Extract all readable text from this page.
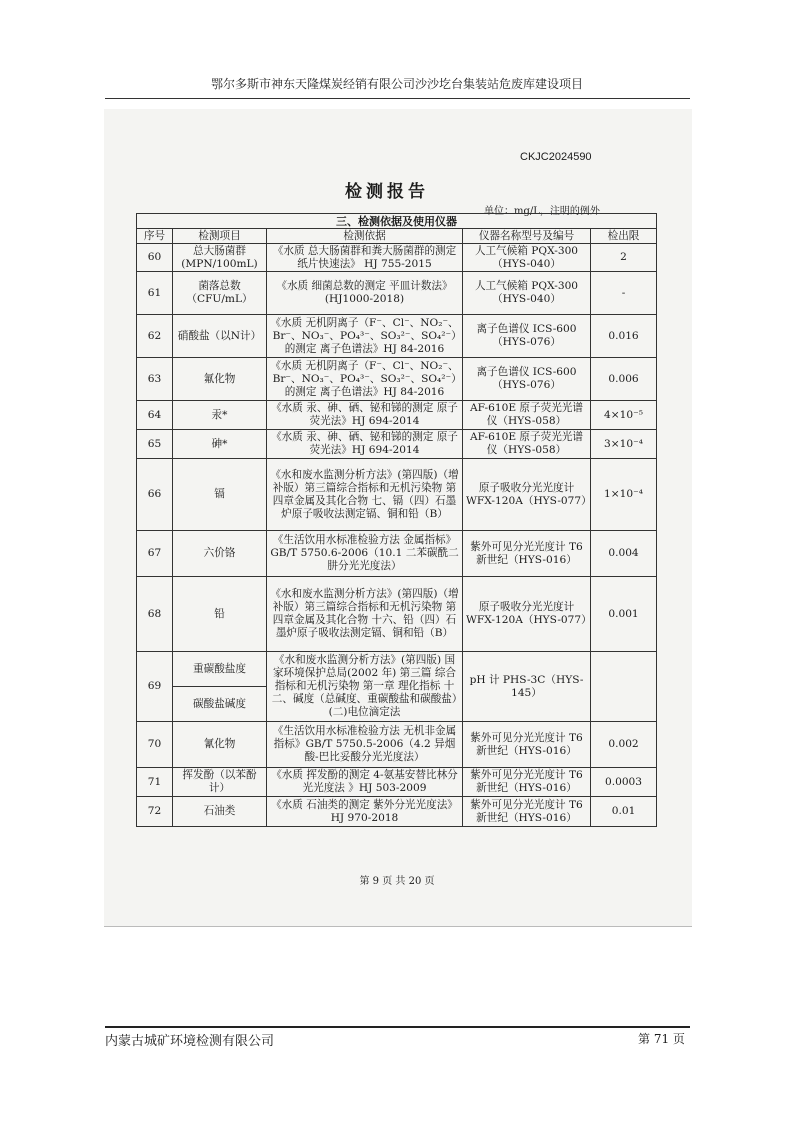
鄂尔多斯市神东天隆煤炭经销有限公司沙沙圪台集装站危废库建设项目
CKJC2024590
检测报告
单位：mg/L，注明的例外
三、检测依据及使用仪器				
序号	检测项目	检测依据	仪器名称型号及编号	检出限
60	总大肠菌群(MPN/100mL)	《水质 总大肠菌群和粪大肠菌群的测定纸片快速法》 HJ 755-2015	人工气候箱 PQX-300（HYS-040）	2
61	菌落总数（CFU/mL）	《水质 细菌总数的测定 平皿计数法》(HJ1000-2018)	人工气候箱 PQX-300（HYS-040）	-
62	硝酸盐（以N计）	《水质 无机阴离子（F⁻、Cl⁻、NO₂⁻、Br⁻、NO₃⁻、PO₄³⁻、SO₃²⁻、SO₄²⁻）的测定 离子色谱法》HJ 84-2016	离子色谱仪 ICS-600（HYS-076）	0.016
63	氟化物	《水质 无机阴离子（F⁻、Cl⁻、NO₂⁻、Br⁻、NO₃⁻、PO₄³⁻、SO₃²⁻、SO₄²⁻）的测定 离子色谱法》HJ 84-2016	离子色谱仪 ICS-600（HYS-076）	0.006
64	汞*	《水质 汞、砷、硒、铋和锑的测定 原子荧光法》HJ 694-2014	AF-610E 原子荧光光谱仪（HYS-058）	4×10⁻⁵
65	砷*	《水质 汞、砷、硒、铋和锑的测定 原子荧光法》HJ 694-2014	AF-610E 原子荧光光谱仪（HYS-058）	3×10⁻⁴
66	镉	《水和废水监测分析方法》(第四版)（增补版）第三篇综合指标和无机污染物 第四章金属及其化合物 七、镉（四）石墨炉原子吸收法测定镉、铜和铅（B）	原子吸收分光光度计 WFX-120A（HYS-077）	1×10⁻⁴
67	六价铬	《生活饮用水标准检验方法 金属指标》GB/T 5750.6-2006（10.1 二苯碳酰二肼分光光度法）	紫外可见分光光度计 T6 新世纪（HYS-016）	0.004
68	铅	《水和废水监测分析方法》(第四版)（增补版）第三篇综合指标和无机污染物 第四章金属及其化合物 十六、铅（四）石墨炉原子吸收法测定镉、铜和铅（B）	原子吸收分光光度计 WFX-120A（HYS-077）	0.001
69	重碳酸盐度	《水和废水监测分析方法》(第四版) 国家环境保护总局(2002 年) 第三篇 综合指标和无机污染物 第一章 理化指标 十二、碱度（总碱度、重碳酸盐和碳酸盐）(二)电位滴定法	pH 计 PHS-3C（HYS-145）	
	碳酸盐碱度			
70	氰化物	《生活饮用水标准检验方法 无机非金属指标》GB/T 5750.5-2006（4.2 异烟酸-巴比妥酸分光光度法）	紫外可见分光光度计 T6 新世纪（HYS-016）	0.002
71	挥发酚（以苯酚计）	《水质 挥发酚的测定 4-氨基安替比林分光光度法 》HJ 503-2009	紫外可见分光光度计 T6 新世纪（HYS-016）	0.0003
72	石油类	《水质 石油类的测定 紫外分光光度法》HJ 970-2018	紫外可见分光光度计 T6 新世纪（HYS-016）	0.01
第 9 页 共 20 页
内蒙古城矿环境检测有限公司	第 71 页
